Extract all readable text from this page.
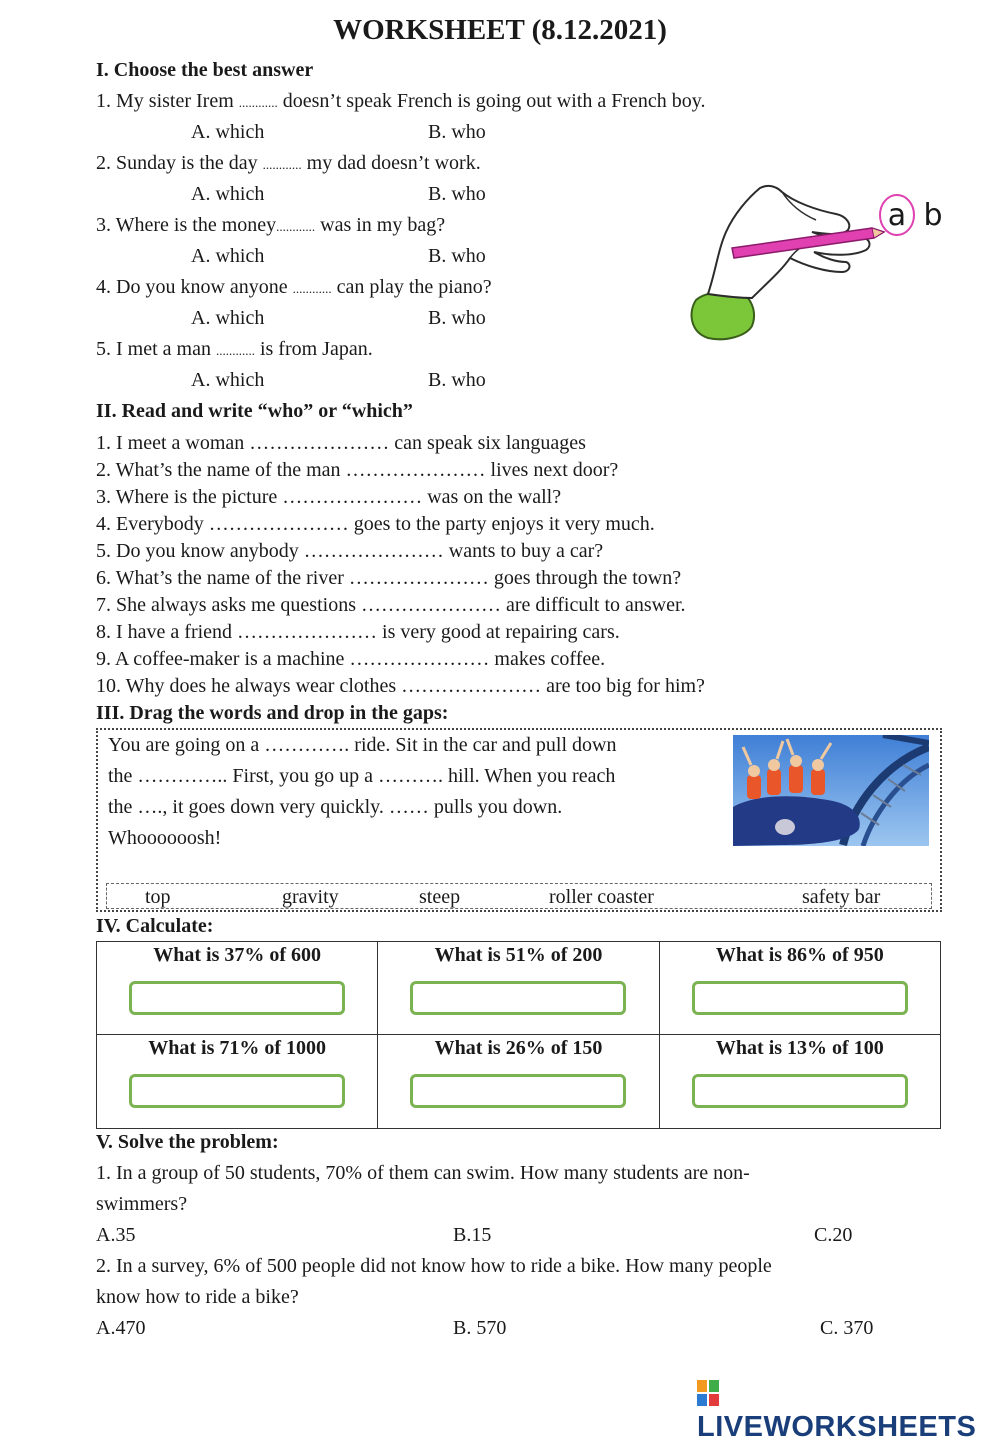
WORKSHEET (8.12.2021)
I. Choose the best answer
1. My sister Irem ............ doesn’t speak French is going out with a French boy.
A. which	B. who
2. Sunday is the day ............ my dad doesn’t work.
A. which	B. who
3. Where is the money............ was in my bag?
A. which	B. who
4. Do you know anyone ............ can play the piano?
A. which	B. who
5. I met a man ............ is from Japan.
A. which	B. who
a b
II. Read and write “who” or “which”
1. I meet a woman ………………… can speak six languages
2. What’s the name of the man ………………… lives next door?
3. Where is the picture ………………… was on the wall?
4. Everybody ………………… goes to the party enjoys it very much.
5. Do you know anybody ………………… wants to buy a car?
6. What’s the name of the river ………………… goes through the town?
7. She always asks me questions ………………… are difficult to answer.
8. I have a friend ………………… is very good at repairing cars.
9. A coffee-maker is a machine ………………… makes coffee.
10. Why does he always wear clothes ………………… are too big for him?
III. Drag the words and drop in the gaps:
You are going on a …………. ride. Sit in the car and pull down
the ………….. First, you go up a ………. hill. When you reach
the …., it goes down very quickly. …… pulls you down.
Whoooooosh!
top	gravity	steep	roller coaster	safety bar
IV. Calculate:
What is 37% of 600	What is 51% of 200	What is 86% of 950

What is 71% of 1000	What is 26% of 150	What is 13% of 100
V. Solve the problem:
1. In a group of 50 students, 70% of them can swim. How many students are non-
swimmers?
A.35	B.15	C.20
2. In a survey, 6% of 500 people did not know how to ride a bike. How many people
know how to ride a bike?
A.470	B. 570	C. 370
LIVEWORKSHEETS
